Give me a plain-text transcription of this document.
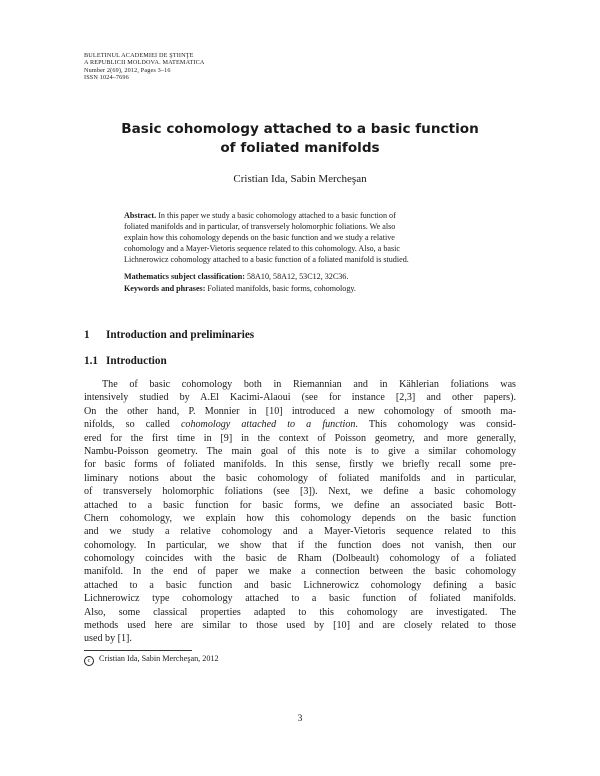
BULETINUL ACADEMIEI DE ŞTIINŢE
A REPUBLICII MOLDOVA. MATEMATICA
Number 2(69), 2012, Pages 3–16
ISSN 1024–7696
Basic cohomology attached to a basic function
of foliated manifolds
Cristian Ida, Sabin Mercheşan
Abstract. In this paper we study a basic cohomology attached to a basic function of
foliated manifolds and in particular, of transversely holomorphic foliations. We also
explain how this cohomology depends on the basic function and we study a relative
cohomology and a Mayer-Vietoris sequence related to this cohomology. Also, a basic
Lichnerowicz cohomology attached to a basic function of a foliated manifold is studied.
Mathematics subject classification: 58A10, 58A12, 53C12, 32C36.
Keywords and phrases: Foliated manifolds, basic forms, cohomology.
1 Introduction and preliminaries
1.1 Introduction
The of basic cohomology both in Riemannian and in Kählerian foliations was
intensively studied by A.El Kacimi-Alaoui (see for instance [2,3] and other papers).
On the other hand, P. Monnier in [10] introduced a new cohomology of smooth ma-
nifolds, so called cohomology attached to a function. This cohomology was consid-
ered for the first time in [9] in the context of Poisson geometry, and more generally,
Nambu-Poisson geometry. The main goal of this note is to give a similar cohomology
for basic forms of foliated manifolds. In this sense, firstly we briefly recall some pre-
liminary notions about the basic cohomology of foliated manifolds and in particular,
of transversely holomorphic foliations (see [3]). Next, we define a basic cohomology
attached to a basic function for basic forms, we define an associated basic Bott-
Chern cohomology, we explain how this cohomology depends on the basic function
and we study a relative cohomology and a Mayer-Vietoris sequence related to this
cohomology. In particular, we show that if the function does not vanish, then our
cohomology coincides with the basic de Rham (Dolbeault) cohomology of a foliated
manifold. In the end of paper we make a connection between the basic cohomology
attached to a basic function and basic Lichnerowicz cohomology defining a basic
Lichnerowicz type cohomology attached to a basic function of foliated manifolds.
Also, some classical properties adapted to this cohomology are investigated. The
methods used here are similar to those used by [10] and are closely related to those
used by [1].
c Cristian Ida, Sabin Mercheşan, 2012
3
